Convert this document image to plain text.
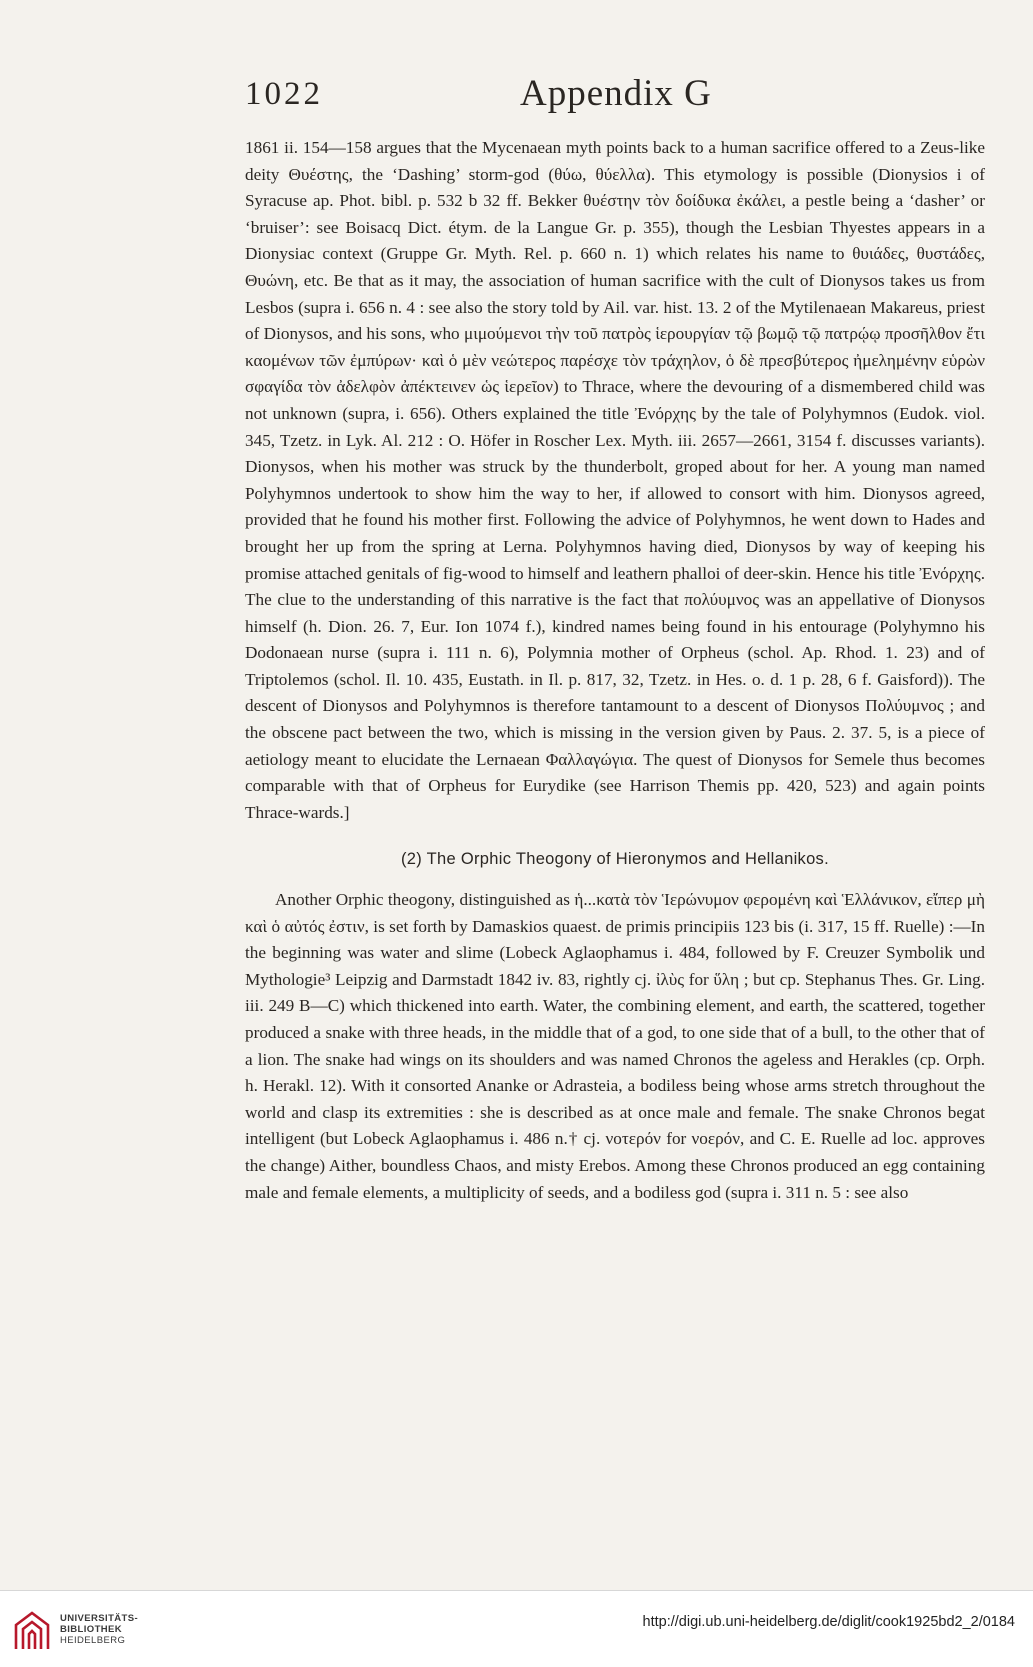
1022	Appendix G

1861 ii. 154—158 argues that the Mycenaean myth points back to a human sacrifice offered to a Zeus-like deity Θυέστης, the ‘Dashing’ storm-god (θύω, θύελλα). This etymology is possible (Dionysios i of Syracuse ap. Phot. bibl. p. 532 b 32 ff. Bekker θυέστην τὸν δοίδυκα ἐκάλει, a pestle being a ‘dasher’ or ‘bruiser’: see Boisacq Dict. étym. de la Langue Gr. p. 355), though the Lesbian Thyestes appears in a Dionysiac context (Gruppe Gr. Myth. Rel. p. 660 n. 1) which relates his name to θυιάδες, θυστάδες, Θυώνη, etc. Be that as it may, the association of human sacrifice with the cult of Dionysos takes us from Lesbos (supra i. 656 n. 4 : see also the story told by Ail. var. hist. 13. 2 of the Mytilenaean Makareus, priest of Dionysos, and his sons, who μιμούμενοι τὴν τοῦ πατρὸς ἱερουργίαν τῷ βωμῷ τῷ πατρῴῳ προσῆλθον ἔτι καομένων τῶν ἐμπύρων· καὶ ὁ μὲν νεώτερος παρέσχε τὸν τράχηλον, ὁ δὲ πρεσβύτερος ἠμελημένην εὑρὼν σφαγίδα τὸν ἀδελφὸν ἀπέκτεινεν ὡς ἱερεῖον) to Thrace, where the devouring of a dismembered child was not unknown (supra, i. 656). Others explained the title Ἐνόρχης by the tale of Polyhymnos (Eudok. viol. 345, Tzetz. in Lyk. Al. 212 : O. Höfer in Roscher Lex. Myth. iii. 2657—2661, 3154 f. discusses variants). Dionysos, when his mother was struck by the thunderbolt, groped about for her. A young man named Polyhymnos undertook to show him the way to her, if allowed to consort with him. Dionysos agreed, provided that he found his mother first. Following the advice of Polyhymnos, he went down to Hades and brought her up from the spring at Lerna. Polyhymnos having died, Dionysos by way of keeping his promise attached genitals of fig-wood to himself and leathern phalloi of deer-skin. Hence his title Ἐνόρχης. The clue to the understanding of this narrative is the fact that πολύυμνος was an appellative of Dionysos himself (h. Dion. 26. 7, Eur. Ion 1074 f.), kindred names being found in his entourage (Polyhymno his Dodonaean nurse (supra i. 111 n. 6), Polymnia mother of Orpheus (schol. Ap. Rhod. 1. 23) and of Triptolemos (schol. Il. 10. 435, Eustath. in Il. p. 817, 32, Tzetz. in Hes. o. d. 1 p. 28, 6 f. Gaisford)). The descent of Dionysos and Polyhymnos is therefore tantamount to a descent of Dionysos Πολύυμνος ; and the obscene pact between the two, which is missing in the version given by Paus. 2. 37. 5, is a piece of aetiology meant to elucidate the Lernaean Φαλλαγώγια. The quest of Dionysos for Semele thus becomes comparable with that of Orpheus for Eurydike (see Harrison Themis pp. 420, 523) and again points Thrace-wards.]

(2) The Orphic Theogony of Hieronymos and Hellanikos.

Another Orphic theogony, distinguished as ἡ...κατὰ τὸν Ἱερώνυμον φερομένη καὶ Ἑλλάνικον, εἴπερ μὴ καὶ ὁ αὐτός ἐστιν, is set forth by Damaskios quaest. de primis principiis 123 bis (i. 317, 15 ff. Ruelle) :—In the beginning was water and slime (Lobeck Aglaophamus i. 484, followed by F. Creuzer Symbolik und Mythologie³ Leipzig and Darmstadt 1842 iv. 83, rightly cj. ἰλὺς for ὕλη ; but cp. Stephanus Thes. Gr. Ling. iii. 249 B—C) which thickened into earth. Water, the combining element, and earth, the scattered, together produced a snake with three heads, in the middle that of a god, to one side that of a bull, to the other that of a lion. The snake had wings on its shoulders and was named Chronos the ageless and Herakles (cp. Orph. h. Herakl. 12). With it consorted Ananke or Adrasteia, a bodiless being whose arms stretch throughout the world and clasp its extremities : she is described as at once male and female. The snake Chronos begat intelligent (but Lobeck Aglaophamus i. 486 n.† cj. νοτερόν for νοερόν, and C. E. Ruelle ad loc. approves the change) Aither, boundless Chaos, and misty Erebos. Among these Chronos produced an egg containing male and female elements, a multiplicity of seeds, and a bodiless god (supra i. 311 n. 5 : see also

UNIVERSITÄTS-
BIBLIOTHEK
HEIDELBERG
http://digi.ub.uni-heidelberg.de/diglit/cook1925bd2_2/0184
